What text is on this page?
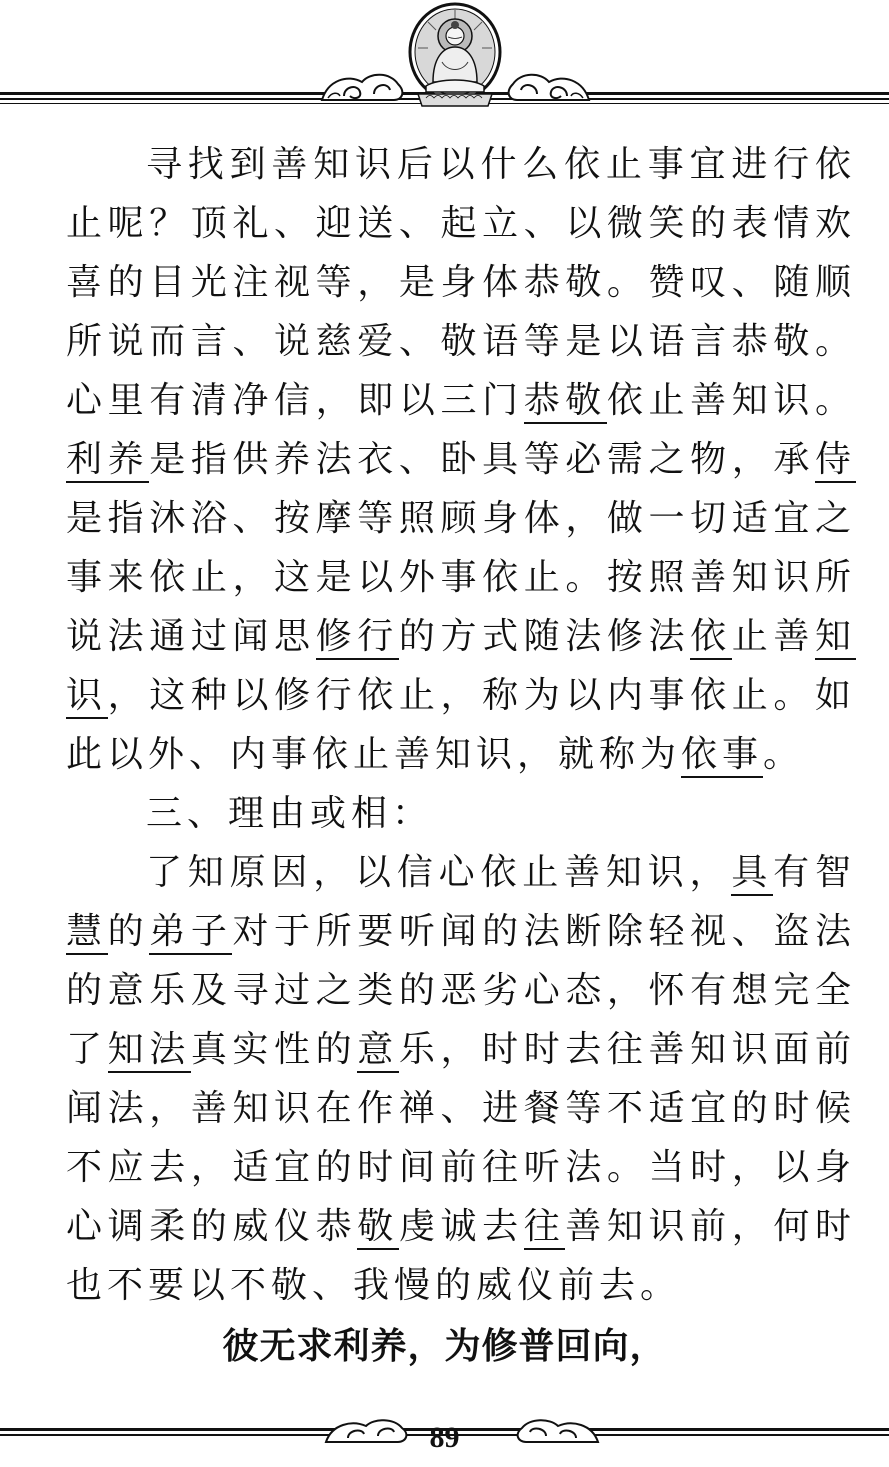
寻找到善知识后以什么依止事宜进行依止呢？顶礼、迎送、起立、以微笑的表情欢喜的目光注视等，是身体恭敬。赞叹、随顺所说而言、说慈爱、敬语等是以语言恭敬。心里有清净信，即以三门恭敬依止善知识。利养是指供养法衣、卧具等必需之物，承侍是指沐浴、按摩等照顾身体，做一切适宜之事来依止，这是以外事依止。按照善知识所说法通过闻思修行的方式随法修法依止善知识，这种以修行依止，称为以内事依止。如此以外、内事依止善知识，就称为依事。

三、理由或相：

了知原因，以信心依止善知识，具有智慧的弟子对于所要听闻的法断除轻视、盗法的意乐及寻过之类的恶劣心态，怀有想完全了知法真实性的意乐，时时去往善知识面前闻法，善知识在作禅、进餐等不适宜的时候不应去，适宜的时间前往听法。当时，以身心调柔的威仪恭敬虔诚去往善知识前，何时也不要以不敬、我慢的威仪前去。

彼无求利养，为修普回向，
89
